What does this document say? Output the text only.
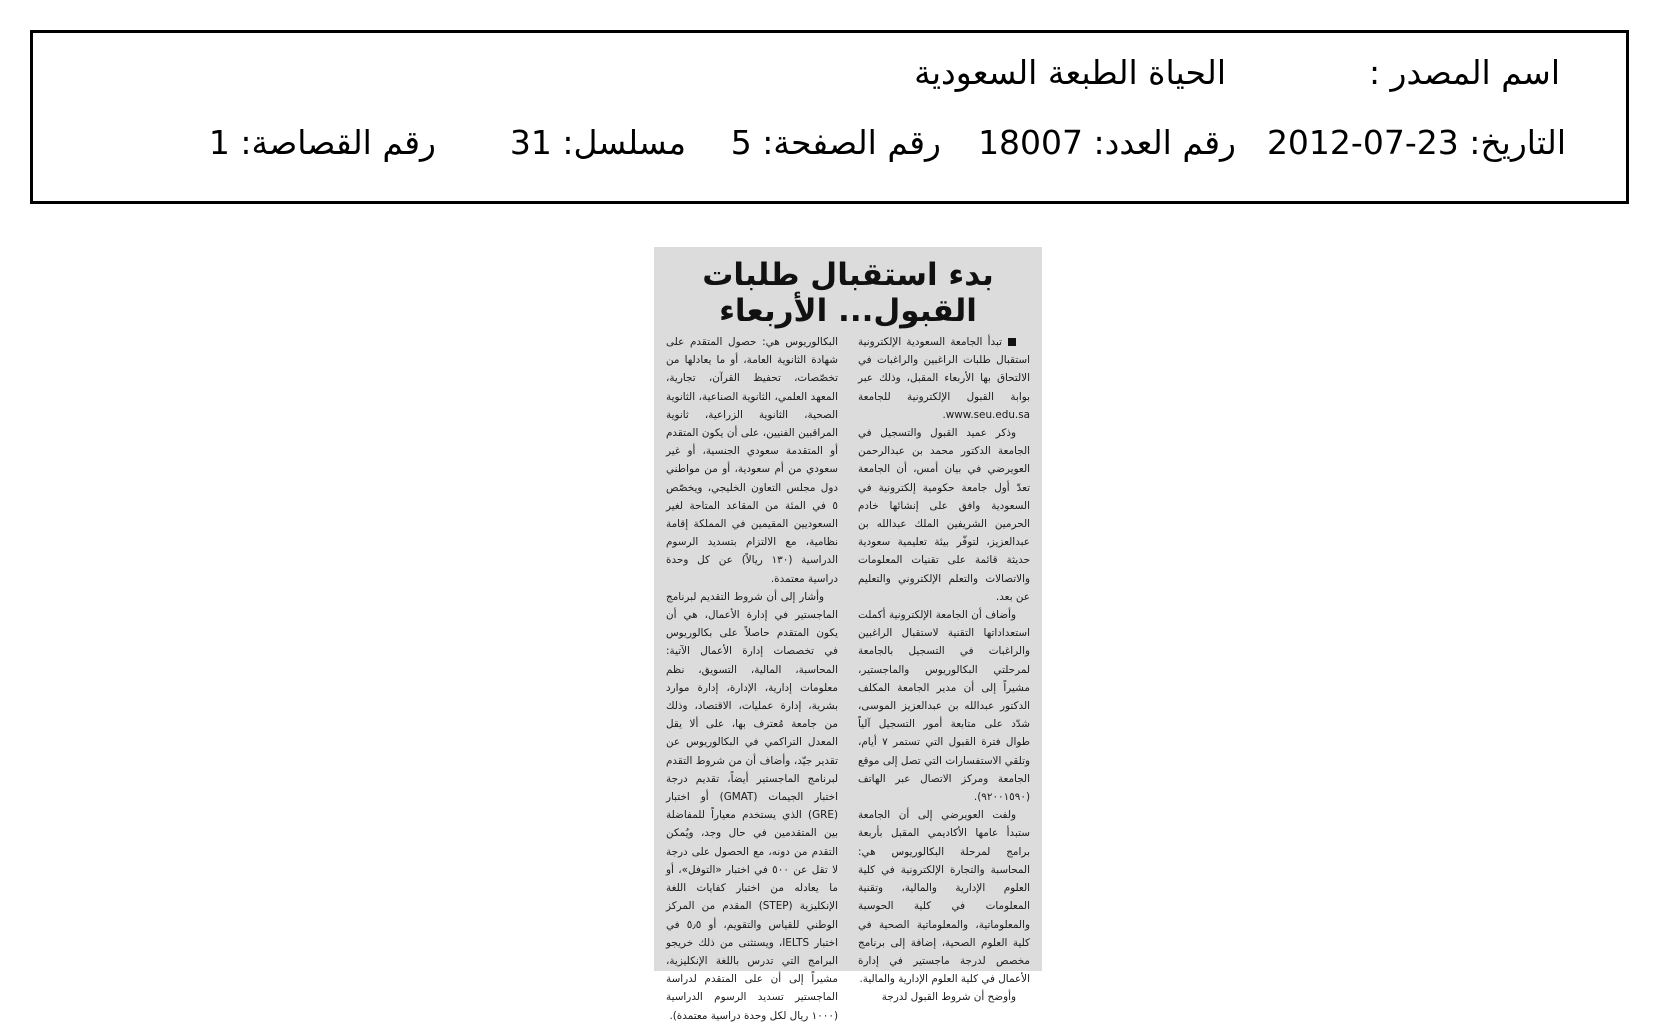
اسم المصدر :
الحياة الطبعة السعودية
التاريخ: 2012-07-23
رقم العدد: 18007
رقم الصفحة: 5
مسلسل: 31
رقم القصاصة: 1
بدء استقبال طلبات
القبول... الأربعاء

تبدأ الجامعة السعودية الإلكترونية استقبال طلبات الراغبين والراغبات في الالتحاق بها الأربعاء المقبل، وذلك عبر بوابة القبول الإلكترونية للجامعة www.seu.edu.sa.

وذكر عميد القبول والتسجيل في الجامعة الدكتور محمد بن عبدالرحمن العويرضي في بيان أمس، أن الجامعة تعدّ أول جامعة حكومية إلكترونية في السعودية وافق على إنشائها خادم الحرمين الشريفين الملك عبدالله بن عبدالعزيز، لتوفّر بيئة تعليمية سعودية حديثة قائمة على تقنيات المعلومات والاتصالات والتعلم الإلكتروني والتعليم عن بعد.

وأضاف أن الجامعة الإلكترونية أكملت استعداداتها التقنية لاستقبال الراغبين والراغبات في التسجيل بالجامعة لمرحلتي البكالوريوس والماجستير، مشيراً إلى أن مدير الجامعة المكلف الدكتور عبدالله بن عبدالعزيز الموسى، شدّد على متابعة أمور التسجيل آلياً طوال فترة القبول التي تستمر ٧ أيام، وتلقي الاستفسارات التي تصل إلى موقع الجامعة ومركز الاتصال عبر الهاتف (٩٢٠٠١٥٩٠).

ولفت العويرضي إلى أن الجامعة ستبدأ عامها الأكاديمي المقبل بأربعة برامج لمرحلة البكالوريوس هي: المحاسبة والتجارة الإلكترونية في كلية العلوم الإدارية والمالية، وتقنية المعلومات في كلية الحوسبة والمعلوماتية، والمعلوماتية الصحية في كلية العلوم الصحية، إضافة إلى برنامج مخصص لدرجة ماجستير في إدارة الأعمال في كلية العلوم الإدارية والمالية.

وأوضح أن شروط القبول لدرجة

البكالوريوس هي: حصول المتقدم على شهادة الثانوية العامة، أو ما يعادلها من تخصّصات، تحفيظ القرآن، تجارية، المعهد العلمي، الثانوية الصناعية، الثانوية الصحية، الثانوية الزراعية، ثانوية المراقبين الفنيين، على أن يكون المتقدم أو المتقدمة سعودي الجنسية، أو غير سعودي من أم سعودية، أو من مواطني دول مجلس التعاون الخليجي، ويخصّص ٥ في المئة من المقاعد المتاحة لغير السعوديين المقيمين في المملكة إقامة نظامية، مع الالتزام بتسديد الرسوم الدراسية (١٣٠ ريالاً) عن كل وحدة دراسية معتمدة.

وأشار إلى أن شروط التقديم لبرنامج الماجستير في إدارة الأعمال، هي أن يكون المتقدم حاصلاً على بكالوريوس في تخصصات إدارة الأعمال الآتية: المحاسبة، المالية، التسويق، نظم معلومات إدارية، الإدارة، إدارة موارد بشرية، إدارة عمليات، الاقتصاد، وذلك من جامعة مُعترف بها، على ألا يقل المعدل التراكمي في البكالوريوس عن تقدير جيّد، وأضاف أن من شروط التقدم لبرنامج الماجستير أيضاً، تقديم درجة اختبار الجيمات (GMAT) أو اختبار (GRE) الذي يستخدم معياراً للمفاضلة بين المتقدمين في حال وجد، ويُمكن التقدم من دونه، مع الحصول على درجة لا تقل عن ٥٠٠ في اختبار «التوفل»، أو ما يعادله من اختبار كفايات اللغة الإنكليزية (STEP) المقدم من المركز الوطني للقياس والتقويم، أو ٥٫٥ في اختبار IELTS، ويستثنى من ذلك خريجو البرامج التي تدرس باللغة الإنكليزية، مشيراً إلى أن على المتقدم لدراسة الماجستير تسديد الرسوم الدراسية (١٠٠٠ ريال لكل وحدة دراسية معتمدة).
